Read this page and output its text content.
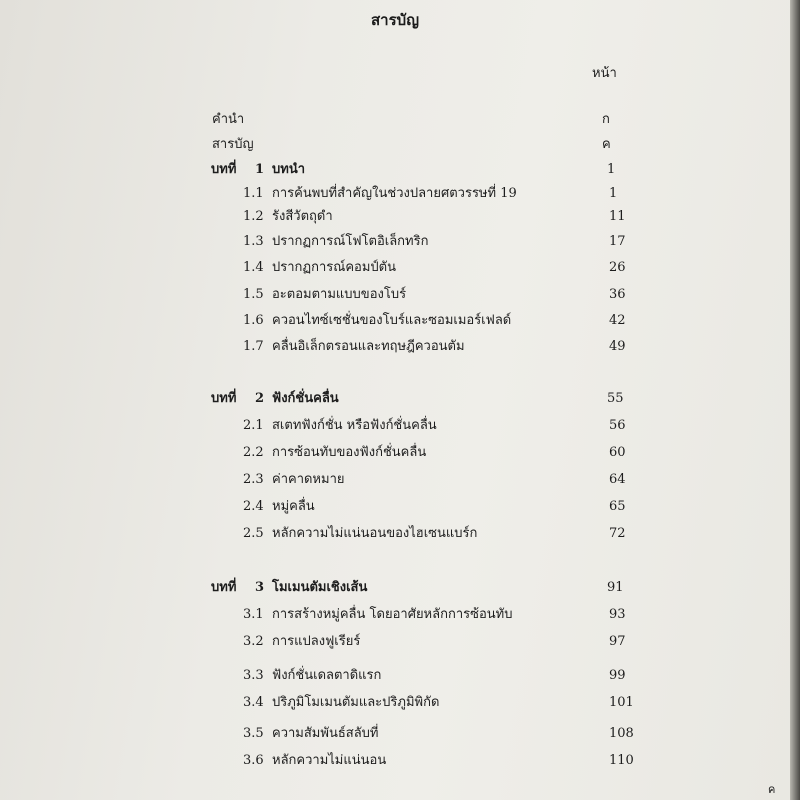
สารบัญ
หน้า
คำนำ	ก
สารบัญ	ค
บทที่ 1 บทนำ	1
1.1 การค้นพบที่สำคัญในช่วงปลายศตวรรษที่ 19	1
1.2 รังสีวัตถุดำ	11
1.3 ปรากฏการณ์โฟโตอิเล็กทริก	17
1.4 ปรากฏการณ์คอมป์ตัน	26
1.5 อะตอมตามแบบของโบร์	36
1.6 ควอนไทซ์เซชั่นของโบร์และซอมเมอร์เฟลด์	42
1.7 คลื่นอิเล็กตรอนและทฤษฎีควอนตัม	49
บทที่ 2 ฟังก์ชั่นคลื่น	55
2.1 สเตทฟังก์ชั่น หรือฟังก์ชั่นคลื่น	56
2.2 การซ้อนทับของฟังก์ชั่นคลื่น	60
2.3 ค่าคาดหมาย	64
2.4 หมู่คลื่น	65
2.5 หลักความไม่แน่นอนของไฮเซนแบร์ก	72
บทที่ 3 โมเมนตัมเชิงเส้น	91
3.1 การสร้างหมู่คลื่น โดยอาศัยหลักการซ้อนทับ	93
3.2 การแปลงฟูเรียร์	97
3.3 ฟังก์ชั่นเดลตาดิแรก	99
3.4 ปริภูมิโมเมนตัมและปริภูมิพิกัด	101
3.5 ความสัมพันธ์สลับที่	108
3.6 หลักความไม่แน่นอน	110
ค
